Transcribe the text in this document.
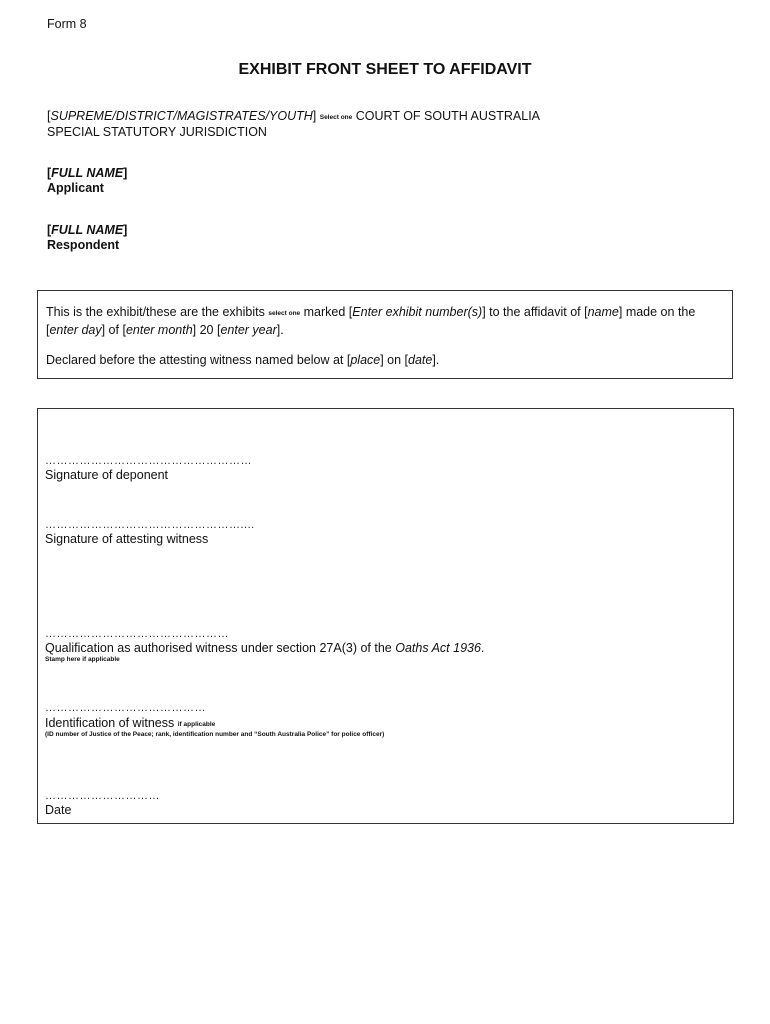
Form 8
EXHIBIT FRONT SHEET TO AFFIDAVIT
[SUPREME/DISTRICT/MAGISTRATES/YOUTH] Select one COURT OF SOUTH AUSTRALIA
SPECIAL STATUTORY JURISDICTION
[FULL NAME]
Applicant
[FULL NAME]
Respondent

This is the exhibit/these are the exhibits select one marked [Enter exhibit number(s)] to the affidavit of [name] made on the
[enter day] of [enter month] 20 [enter year].

Declared before the attesting witness named below at [place] on [date].

………………………………………………
Signature of deponent
……………………………………………....
Signature of attesting witness
…………………………………………
Qualification as authorised witness under section 27A(3) of the Oaths Act 1936.
Stamp here if applicable
……………………………………
Identification of witness if applicable
(ID number of Justice of the Peace; rank, identification number and “South Australia Police” for police officer)
…………………………
Date
